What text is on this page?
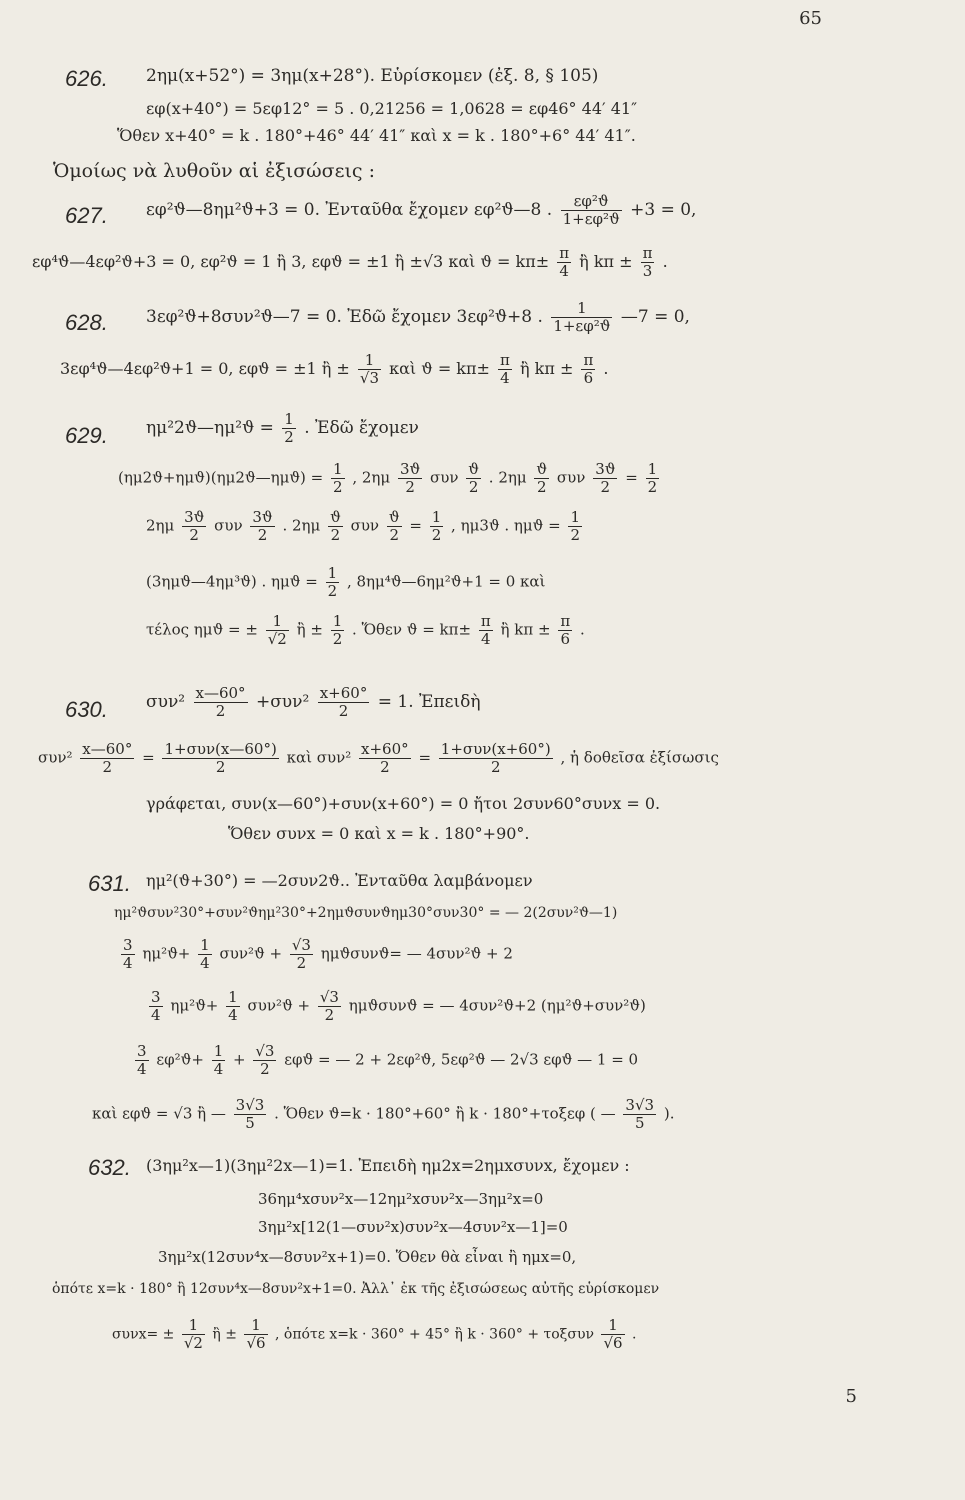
65
626. 2ημ(x+52°) = 3ημ(x+28°). Εὑρίσκομεν (ἐξ. 8, § 105)
εφ(x+40°) = 5εφ12° = 5 . 0,21256 = 1,0628 = εφ46° 44′ 41″
Ὅθεν x+40° = k . 180°+46° 44′ 41″ καὶ x = k . 180°+6° 44′ 41″.
Ὁμοίως νὰ λυθοῦν αἱ ἐξισώσεις :
627. εφ²ϑ—8ημ²ϑ+3 = 0. Ἐνταῦθα ἔχομεν εφ²ϑ—8 . $\frac{\text{εφ²ϑ}}{\text{1+εφ²ϑ}} +3 = 0$,
εφ⁴ϑ—4εφ²ϑ+3 = 0, εφ²ϑ = 1 ἢ 3, εφϑ = ±1 ἢ ±√3 καὶ $ϑ = k\pi\pm \frac{\pi}{4}$ ἢ $k\pi \pm \frac{\pi}{3}$ .
628. 3εφ²ϑ+8συν²ϑ—7 = 0. Ἐδῶ ἔχομεν 3εφ²ϑ+8 . $\frac{1}{\text{1+εφ²ϑ}}$ —7 = 0,
3εφ⁴ϑ—4εφ²ϑ+1 = 0, εφϑ = ±1 ἢ ± $\frac{1}{√3}$ καὶ $ϑ = k\pi\pm \frac{\pi}{4}$ ἢ $k\pi \pm \frac{\pi}{6}$ .
629. ημ²2ϑ—ημ²ϑ = $\frac{1}{2}$ . Ἐδῶ ἔχομεν
(ημ2ϑ+ημϑ)(ημ2ϑ—ημϑ) = $\frac{1}{2}$ , $2\eta\mu \frac{3ϑ}{2}$ συν $\frac{ϑ}{2}$ . $2\eta\mu \frac{ϑ}{2}$ συν $\frac{3ϑ}{2} = \frac{1}{2}$
$2\eta\mu \frac{3ϑ}{2}$ συν $\frac{3ϑ}{2}$ . $2\eta\mu \frac{ϑ}{2}$ συν $\frac{ϑ}{2} = \frac{1}{2}$ , ημ3ϑ . $\eta\mu ϑ = \frac{1}{2}$
(3ημϑ—4ημ³ϑ) . $\eta\mu ϑ = \frac{1}{2}$ , 8ημ⁴ϑ—6ημ²ϑ+1 = 0 καὶ
τέλος ημϑ = ± $\frac{1}{√2}$ ἢ ± $\frac{1}{2}$ . Ὅθεν $ϑ = k\pi\pm \frac{\pi}{4}$ ἢ $k\pi \pm \frac{\pi}{6}$ .
630. $\sigma\upsilon\nu^2 \frac{x—60^\circ}{2} +\sigma\upsilon\nu^2 \frac{x+60^\circ}{2} = 1$. Ἐπειδὴ
$\sigma\upsilon\nu^2 \frac{x—60^\circ}{2} = \frac{\text{1+συν(x—60°)}}{2}$ καὶ $\sigma\upsilon\nu^2 \frac{x+60^\circ}{2} = \frac{\text{1+συν(x+60°)}}{2}$ , ἡ δοθεῖσα ἐξίσωσις
γράφεται, συν(x—60°)+συν(x+60°) = 0 ἤτοι 2συν60°συνx = 0.
Ὅθεν συνx = 0 καὶ x = k . 180°+90°.
631. ημ²(ϑ+30°) = —2συν2ϑ.. Ἐνταῦθα λαμβάνομεν
ημ²ϑσυν²30°+συν²ϑημ²30°+2ημϑσυνϑημ30°συν30° = — 2(2συν²ϑ—1)
$\frac{3}{4} \eta\mu^2ϑ+ \frac{1}{4} \sigma\upsilon\nu^2ϑ + \frac{√3}{2} \eta\mu ϑ\sigma\upsilon\nu ϑ=$ — 4συν²ϑ + 2
$\frac{3}{4} \eta\mu^2ϑ+ \frac{1}{4} \sigma\upsilon\nu^2ϑ + \frac{√3}{2}$ ημϑσυνϑ = — 4συν²ϑ+2 (ημ²ϑ+συν²ϑ)
$\frac{3}{4} \varepsilon\varphi^2ϑ+ \frac{1}{4} + \frac{√3}{2}$ εφϑ = — 2 + 2εφ²ϑ, 5εφ²ϑ — 2√3 εφϑ — 1 = 0
καὶ εφϑ = √3 ἢ — $\frac{3√3}{5}$ . Ὅθεν ϑ=k · 180°+60° ἢ k · 180°+τοξεφ ( — $\frac{3√3}{5}$ ).
632. (3ημ²x—1)(3ημ²2x—1)=1. Ἐπειδὴ ημ2x=2ημxσυνx, ἔχομεν :
36ημ⁴xσυν²x—12ημ²xσυν²x—3ημ²x=0
3ημ²x[12(1—συν²x)συν²x—4συν²x—1]=0
3ημ²x(12συν⁴x—8συν²x+1)=0. Ὅθεν θὰ εἶναι ἢ ημx=0,
ὁπότε x=k · 180° ἢ 12συν⁴x—8συν²x+1=0. Ἀλλ᾽ ἐκ τῆς ἐξισώσεως αὐτῆς εὑρίσκομεν
$\sigma\upsilon\nu x= \pm \frac{1}{√2}$ ἢ ± $\frac{1}{√6}$ , ὁπότε x=k · 360° + 45° ἢ k · 360° + τοξσυν $\frac{1}{√6}$ .
5
